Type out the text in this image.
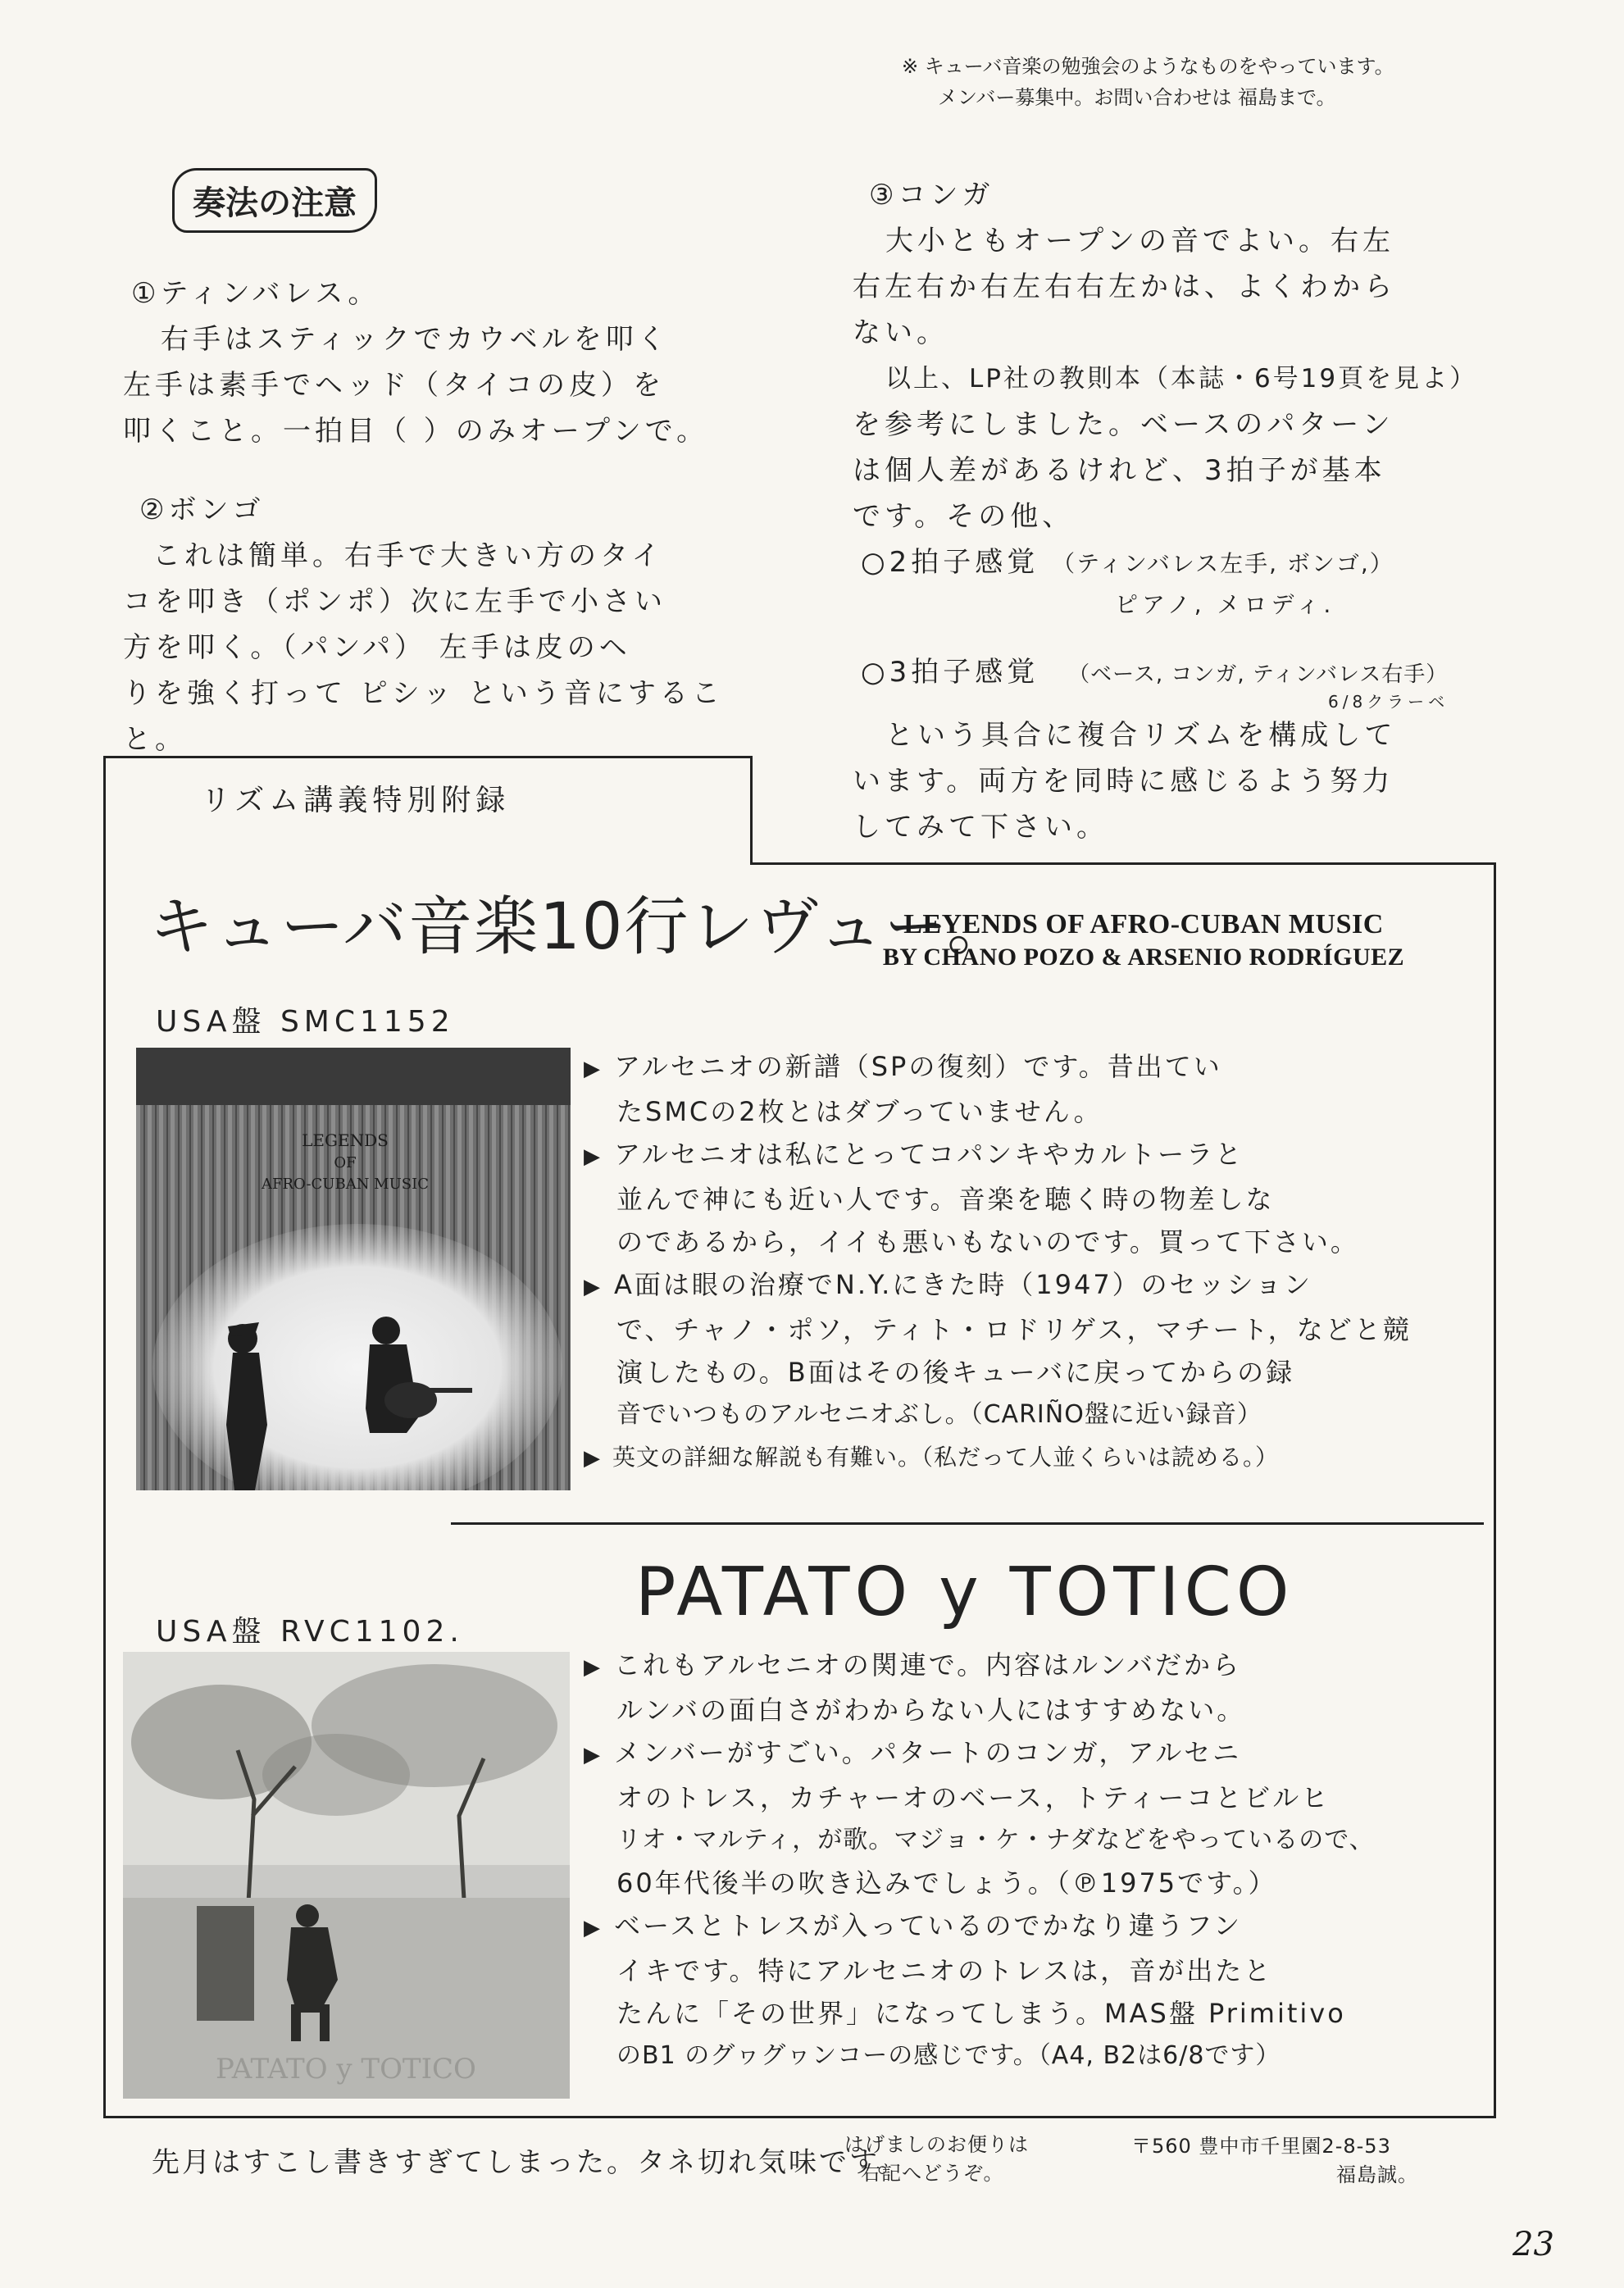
※ キューバ音楽の勉強会のようなものをやっています。
メンバー募集中。お問い合わせは 福島まで。
奏法の注意

①ティンバレス。

右手はスティックでカウベルを叩く

左手は素手でヘッド（タイコの皮）を

叩くこと。一拍目（ ）のみオープンで。

②ボンゴ

これは簡単。右手で大きい方のタイ

コを叩き（ポンポ）次に左手で小さい

方を叩く。（パンパ） 左手は皮のヘ

りを強く打って ピシッ という音にすること。

③コンガ

大小ともオープンの音でよい。右左

右左右か右左右右左かは、よくわから

ない。

以上、LP社の教則本（本誌・6号19頁を見よ）

を参考にしました。ベースのパターン

は個人差があるけれど、3拍子が基本

です。その他、

○2拍子感覚 （ティンバレス左手, ボンゴ,）

ピアノ, メロディ.

○3拍子感覚 （ベース, コンガ, ティンバレス右手）

6/8クラーベ

という具合に複合リズムを構成して

います。両方を同時に感じるよう努力

してみて下さい。

リズム講義特別附録
キューバ音楽10行レヴュー。
LEYENDS OF AFRO-CUBAN MUSIC
BY CHANO POZO & ARSENIO RODRÍGUEZ
USA盤 SMC1152
LEGENDS
OF
AFRO-CUBAN MUSIC

▶ アルセニオの新譜（SPの復刻）です。昔出てい

たSMCの2枚とはダブっていません。

▶ アルセニオは私にとってコパンキやカルトーラと

並んで神にも近い人です。音楽を聴く時の物差しな

のであるから，イイも悪いもないのです。買って下さい。

▶ A面は眼の治療でN.Y.にきた時（1947）のセッション

で、チャノ・ポソ，ティト・ロドリゲス，マチート，などと競

演したもの。B面はその後キューバに戻ってからの録

音でいつものアルセニオぶし。（CARIÑO盤に近い録音）

▶ 英文の詳細な解説も有難い。（私だって人並くらいは読める。）

USA盤 RVC1102.
PATATO y TOTICO
PATATO y TOTICO

▶ これもアルセニオの関連で。内容はルンバだから

ルンバの面白さがわからない人にはすすめない。

▶ メンバーがすごい。パタートのコンガ，アルセニ

オのトレス，カチャーオのベース，トティーコとビルヒ

リオ・マルティ，が歌。マジョ・ケ・ナダなどをやっているので、

60年代後半の吹き込みでしょう。（℗1975です。）

▶ ベースとトレスが入っているのでかなり違うフン

イキです。特にアルセニオのトレスは，音が出たと

たんに「その世界」になってしまう。MAS盤 Primitivo

のB1 のグヮグヮンコーの感じです。（A4, B2は6/8です）

先月はすこし書きすぎてしまった。タネ切れ気味です。
はげましのお便りは
右記へどうぞ。
〒560 豊中市千里園2-8-53
福島誠。
23
